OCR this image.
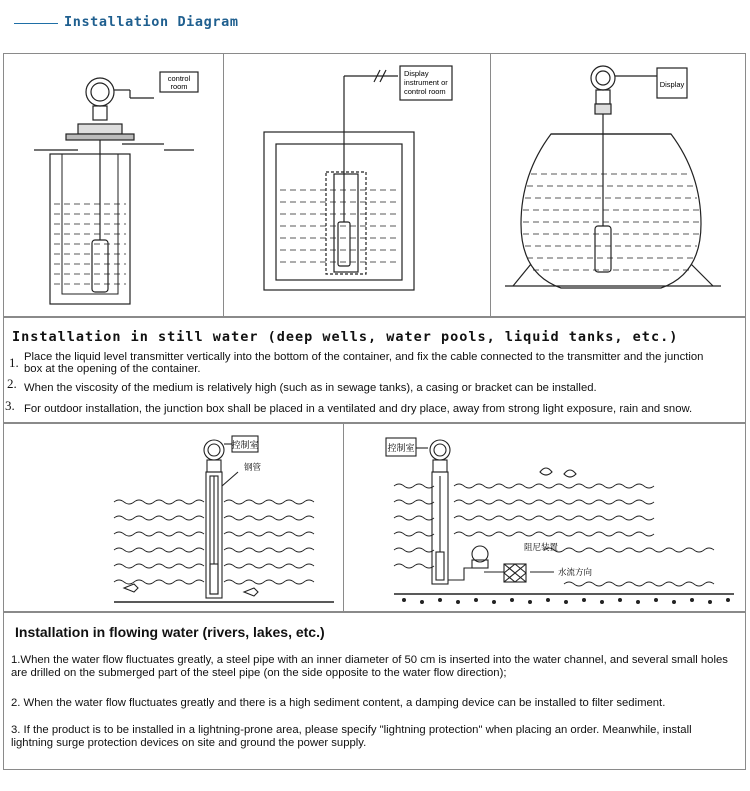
Installation Diagram
control
room
Display
instrument or
control room
Display
Installation in still water (deep wells, water pools, liquid tanks, etc.)
1. Place the liquid level transmitter vertically into the bottom of the container, and fix the cable connected to the transmitter and the junction box at the opening of the container.
2. When the viscosity of the medium is relatively high (such as in sewage tanks), a casing or bracket can be installed.
3. For outdoor installation, the junction box shall be placed in a ventilated and dry place, away from strong light exposure, rain and snow.
控制室
钢管
控制室
阻尼装置
水流方向
Installation in flowing water (rivers, lakes, etc.)
1.When the water flow fluctuates greatly, a steel pipe with an inner diameter of 50 cm is inserted into the water channel, and several small holes are drilled on the submerged part of the steel pipe (on the side opposite to the water flow direction);
2. When the water flow fluctuates greatly and there is a high sediment content, a damping device can be installed to filter sediment.
3. If the product is to be installed in a lightning-prone area, please specify "lightning protection" when placing an order. Meanwhile, install lightning surge protection devices on site and ground the power supply.
